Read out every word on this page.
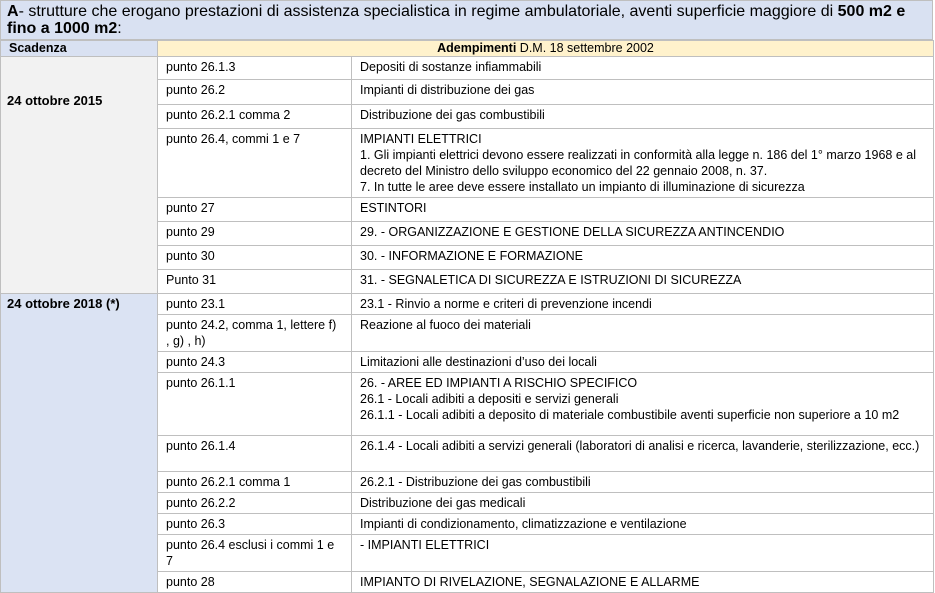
A- strutture che erogano prestazioni di assistenza specialistica in regime ambulatoriale, aventi superficie maggiore di 500 m2 e fino a 1000 m2:
Scadenza	Adempimenti D.M. 18 settembre 2002	
24 ottobre 2015	punto 26.1.3	Depositi di sostanze infiammabili

	punto 26.2	Impianti di distribuzione dei gas

	punto 26.2.1 comma 2	Distribuzione dei gas combustibili

	punto 26.4, commi 1 e 7	IMPIANTI ELETTRICI
1. Gli impianti elettrici devono essere realizzati in conformità alla legge n. 186 del 1° marzo 1968 e al decreto del Ministro dello sviluppo economico del 22 gennaio 2008, n. 37.
7. In tutte le aree deve essere installato un impianto di illuminazione di sicurezza

	punto 27	ESTINTORI

	punto 29	29. - ORGANIZZAZIONE E GESTIONE DELLA SICUREZZA ANTINCENDIO

	punto 30	30. - INFORMAZIONE E FORMAZIONE

	Punto 31	31. - SEGNALETICA DI SICUREZZA E ISTRUZIONI DI SICUREZZA

24 ottobre 2018 (*)	punto 23.1	23.1 - Rinvio a norme e criteri di prevenzione incendi

	punto 24.2, comma 1, lettere f) , g) , h)	Reazione al fuoco dei materiali

	punto 24.3	Limitazioni alle destinazioni d’uso dei locali

	punto 26.1.1	26. - AREE ED IMPIANTI A RISCHIO SPECIFICO
26.1 - Locali adibiti a depositi e servizi generali
26.1.1 - Locali adibiti a deposito di materiale combustibile aventi superficie non superiore a 10 m2

	punto 26.1.4	26.1.4 - Locali adibiti a servizi generali (laboratori di analisi e ricerca, lavanderie, sterilizzazione, ecc.)

	punto 26.2.1 comma 1	26.2.1 - Distribuzione dei gas combustibili

	punto 26.2.2	Distribuzione dei gas medicali

	punto 26.3	Impianti di condizionamento, climatizzazione e ventilazione

	punto 26.4 esclusi i commi 1 e 7	- IMPIANTI ELETTRICI

	punto 28	IMPIANTO DI RIVELAZIONE, SEGNALAZIONE E ALLARME
